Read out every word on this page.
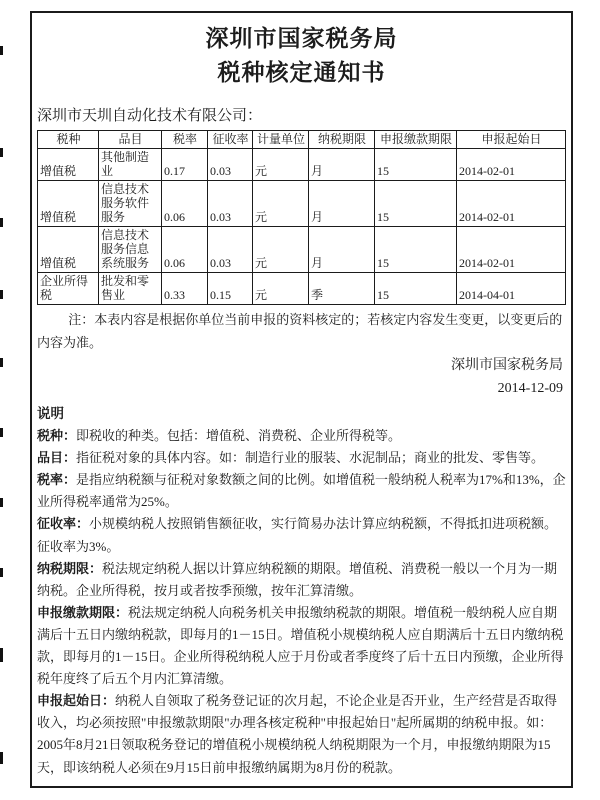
深圳市国家税务局
税种核定通知书
深圳市天圳自动化技术有限公司：
税种	品目	税率	征收率	计量单位	纳税期限	申报缴款期限	申报起始日
增值税	其他制造业	0.17	0.03	元	月	15	2014-02-01
增值税	信息技术服务软件服务	0.06	0.03	元	月	15	2014-02-01
增值税	信息技术服务信息系统服务	0.06	0.03	元	月	15	2014-02-01
企业所得税	批发和零售业	0.33	0.15	元	季	15	2014-04-01
注：本表内容是根据你单位当前申报的资料核定的；若核定内容发生变更，以变更后的内容为准。
深圳市国家税务局
2014-12-09

说明

税种：即税收的种类。包括：增值税、消费税、企业所得税等。

品目：指征税对象的具体内容。如：制造行业的服装、水泥制品；商业的批发、零售等。

税率：是指应纳税额与征税对象数额之间的比例。如增值税一般纳税人税率为17%和13%，企业所得税率通常为25%。

征收率：小规模纳税人按照销售额征收，实行简易办法计算应纳税额，不得抵扣进项税额。征收率为3%。

纳税期限：税法规定纳税人据以计算应纳税额的期限。增值税、消费税一般以一个月为一期纳税。企业所得税，按月或者按季预缴，按年汇算清缴。

申报缴款期限：税法规定纳税人向税务机关申报缴纳税款的期限。增值税一般纳税人应自期满后十五日内缴纳税款，即每月的1－15日。增值税小规模纳税人应自期满后十五日内缴纳税款，即每月的1－15日。企业所得税纳税人应于月份或者季度终了后十五日内预缴，企业所得税年度终了后五个月内汇算清缴。

申报起始日：纳税人自领取了税务登记证的次月起，不论企业是否开业，生产经营是否取得收入，均必须按照"申报缴款期限"办理各核定税种"申报起始日"起所属期的纳税申报。如：2005年8月21日领取税务登记的增值税小规模纳税人纳税期限为一个月，申报缴纳期限为15天，即该纳税人必须在9月15日前申报缴纳属期为8月份的税款。
